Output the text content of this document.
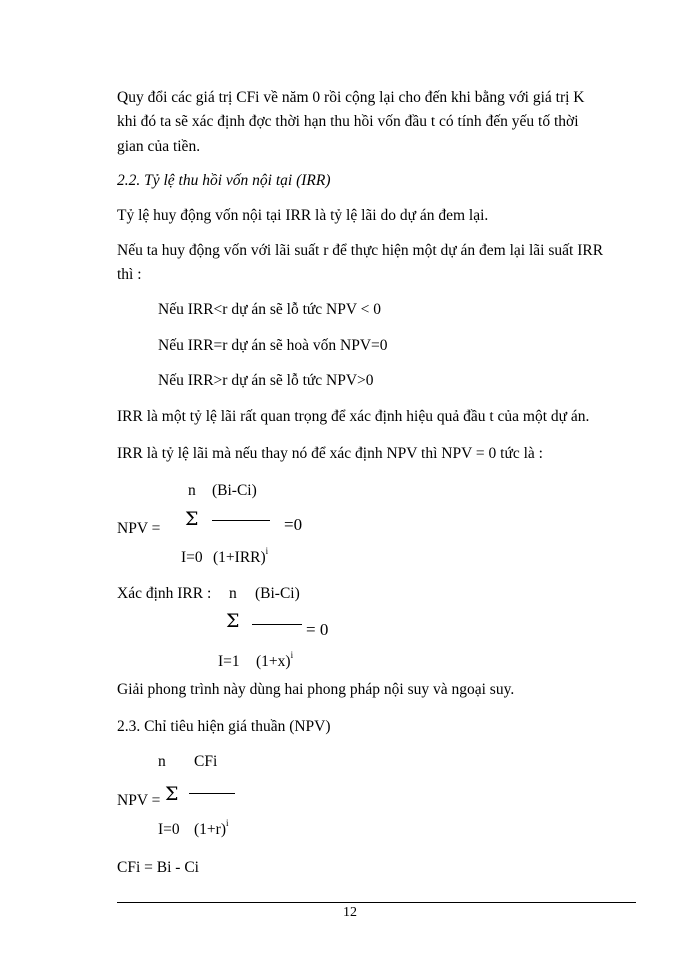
Quy đổi các giá trị CFi về năm 0 rồi cộng lại cho đến khi bằng với giá trị K
khi đó ta sẽ xác định đợc thời hạn thu hồi vốn đầu t có tính đến yếu tố thời
gian của tiền.
2.2. Tỷ lệ thu hồi vốn nội tại (IRR)
Tỷ lệ huy động vốn nội tại IRR là tỷ lệ lãi do dự án đem lại.
Nếu ta huy động vốn với lãi suất r để thực hiện một dự án đem lại lãi suất IRR
thì :
Nếu IRR<r dự án sẽ lỗ tức NPV < 0
Nếu IRR=r dự án sẽ hoà vốn NPV=0
Nếu IRR>r dự án sẽ lỗ tức NPV>0
IRR là một tỷ lệ lãi rất quan trọng để xác định hiệu quả đầu t của một dự án.
IRR là tỷ lệ lãi mà nếu thay nó để xác định NPV thì NPV = 0 tức là :
n (Bi-Ci)
NPV = Σ	=0
I=0 $(1+IRR)^i$
Xác định IRR : n (Bi-Ci)
Σ	= 0
I=1 $(1+x)^i$
Giải phong trình này dùng hai phong pháp nội suy và ngoại suy.
2.3. Chỉ tiêu hiện giá thuần (NPV)
n CFi
NPV = Σ
I=0 $(1+r)^i$
CFi = Bi - Ci
12
